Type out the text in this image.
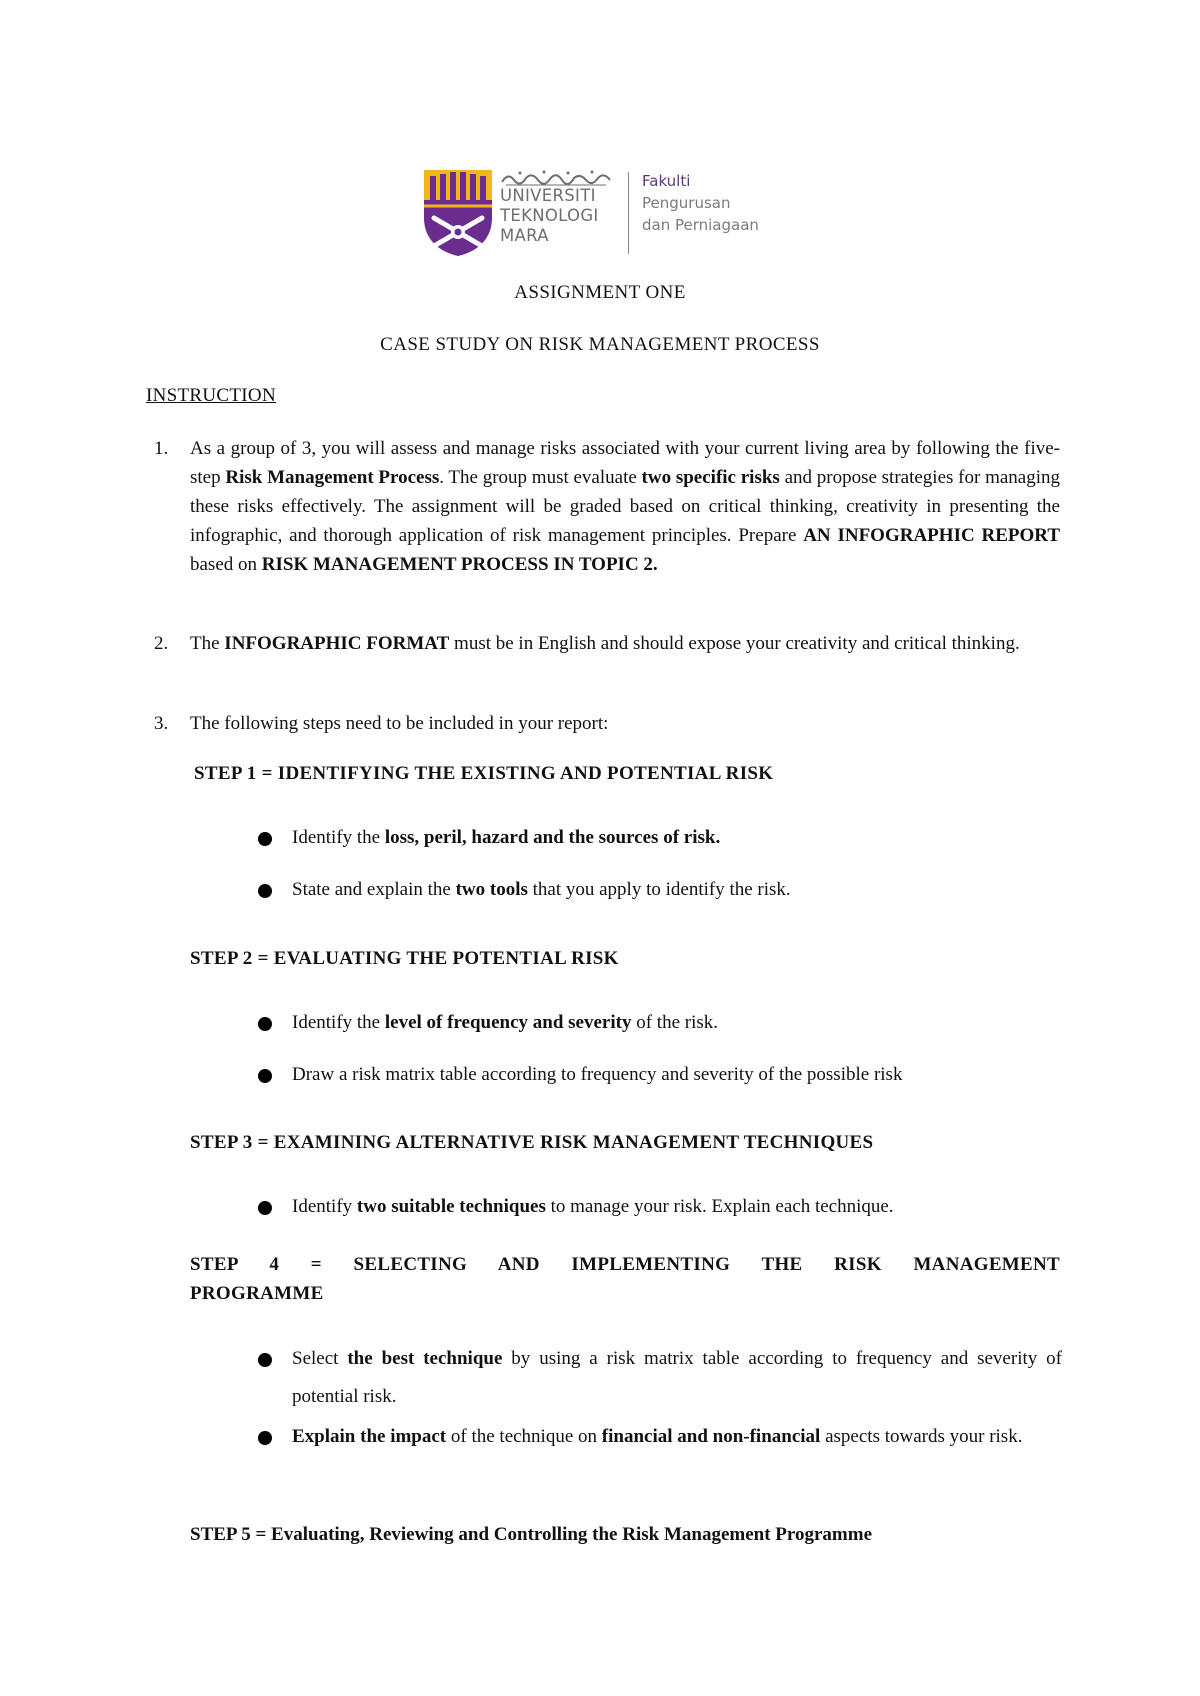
UNIVERSITI
TEKNOLOGI
MARA
Fakulti
Pengurusan
dan Perniagaan
ASSIGNMENT ONE
CASE STUDY ON RISK MANAGEMENT PROCESS
INSTRUCTION
1. As a group of 3, you will assess and manage risks associated with your current living area by following the five-step Risk Management Process. The group must evaluate two specific risks and propose strategies for managing these risks effectively. The assignment will be graded based on critical thinking, creativity in presenting the infographic, and thorough application of risk management principles. Prepare AN INFOGRAPHIC REPORT based on RISK MANAGEMENT PROCESS IN TOPIC 2.
2. The INFOGRAPHIC FORMAT must be in English and should expose your creativity and critical thinking.
3. The following steps need to be included in your report:
STEP 1 = IDENTIFYING THE EXISTING AND POTENTIAL RISK
Identify the loss, peril, hazard and the sources of risk.
State and explain the two tools that you apply to identify the risk.
STEP 2 = EVALUATING THE POTENTIAL RISK
Identify the level of frequency and severity of the risk.
Draw a risk matrix table according to frequency and severity of the possible risk
STEP 3 = EXAMINING ALTERNATIVE RISK MANAGEMENT TECHNIQUES
Identify two suitable techniques to manage your risk. Explain each technique.
STEP 4 = SELECTING AND IMPLEMENTING THE RISK MANAGEMENT PROGRAMME
Select the best technique by using a risk matrix table according to frequency and severity of potential risk.
Explain the impact of the technique on financial and non-financial aspects towards your risk.
STEP 5 = Evaluating, Reviewing and Controlling the Risk Management Programme
